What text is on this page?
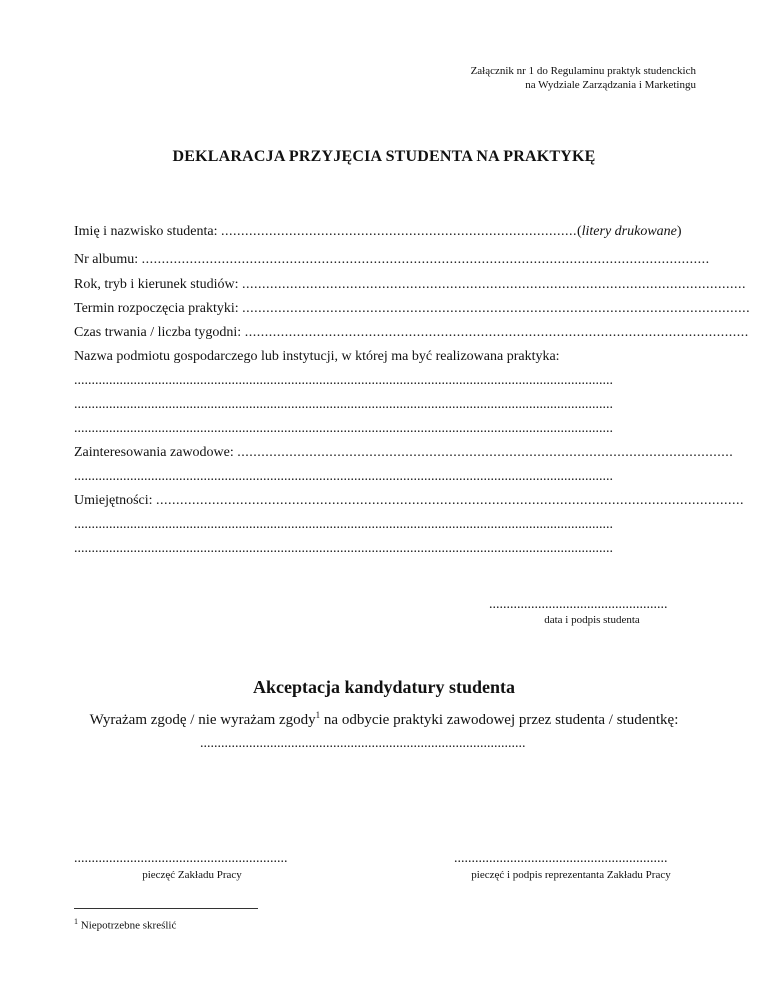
Załącznik nr 1 do Regulaminu praktyk studenckich
na Wydziale Zarządzania i Marketingu
DEKLARACJA PRZYJĘCIA STUDENTA NA PRAKTYKĘ
Imię i nazwisko studenta: .........................................................................................(litery drukowane)
Nr albumu: ..............................................................................................................................................
Rok, tryb i kierunek studiów: ..............................................................................................................................
Termin rozpoczęcia praktyki: ...............................................................................................................................
Czas trwania / liczba tygodni: ..............................................................................................................................
Nazwa podmiotu gospodarczego lub instytucji, w której ma być realizowana praktyka:
..........................................................................................................................................................
..........................................................................................................................................................
..........................................................................................................................................................
Zainteresowania zawodowe: ............................................................................................................................
..........................................................................................................................................................
Umiejętności: ...................................................................................................................................................
..........................................................................................................................................................
..........................................................................................................................................................
...................................................
data i podpis studenta
Akceptacja kandydatury studenta
Wyrażam zgodę / nie wyrażam zgody$^1$ na odbycie praktyki zawodowej przez studenta / studentkę:
.............................................................................................
.............................................................
pieczęć Zakładu Pracy
.............................................................
pieczęć i podpis reprezentanta Zakładu Pracy
$^1$ Niepotrzebne skreślić
